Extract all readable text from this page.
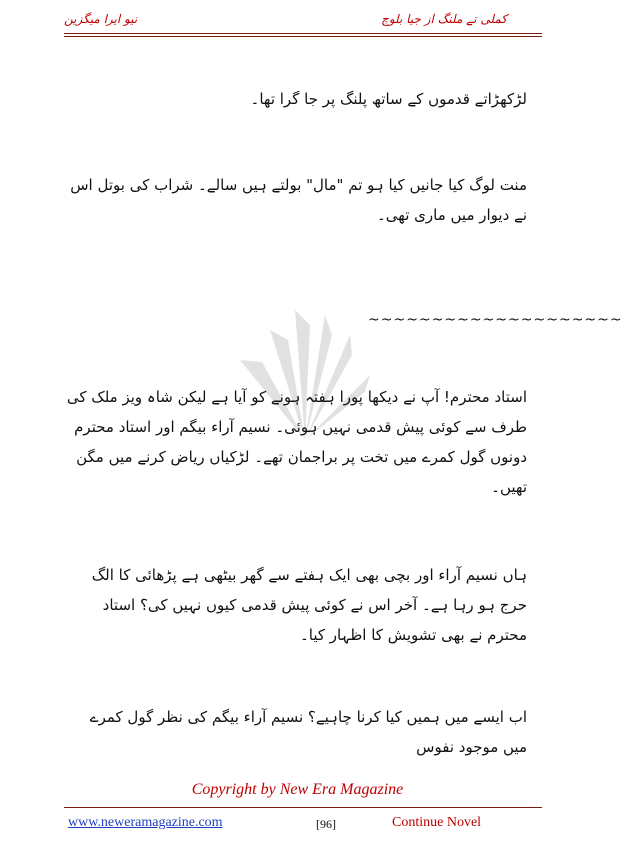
نیو ایرا میگزین	کملی تے ملنگ از جیا بلوچ

لڑکھڑاتے قدموں کے ساتھ پلنگ پر جا گرا تھا۔

منت لوگ کیا جانیں کیا ہو تم "مال" بولتے ہیں سالے۔ شراب کی بوتل اس نے دیوار میں ماری تھی۔

~~~~~~~~~~~~~~~~~~~~

استاد محترم! آپ نے دیکھا پورا ہفتہ ہونے کو آیا ہے لیکن شاہ ویز ملک کی طرف سے کوئی پیش قدمی نہیں ہوئی۔ نسیم آراء بیگم اور استاد محترم دونوں گول کمرے میں تخت پر براجمان تھے۔ لڑکیاں ریاض کرنے میں مگن تھیں۔

ہاں نسیم آراء اور بچی بھی ایک ہفتے سے گھر بیٹھی ہے پڑھائی کا الگ حرج ہو رہا ہے۔ آخر اس نے کوئی پیش قدمی کیوں نہیں کی؟ استاد محترم نے بھی تشویش کا اظہار کیا۔

اب ایسے میں ہمیں کیا کرنا چاہیے؟ نسیم آراء بیگم کی نظر گول کمرے میں موجود نفوس

Copyright by New Era Magazine
www.neweramagazine.com	[96]	Continue Novel
